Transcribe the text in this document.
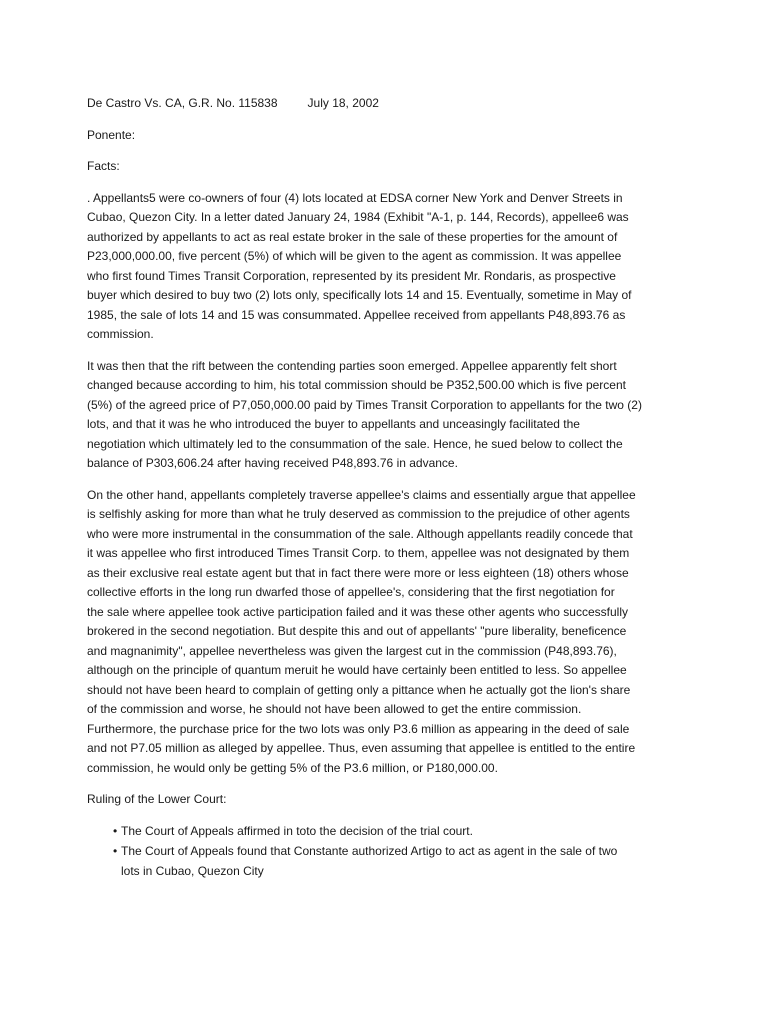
De Castro Vs. CA, G.R. No. 115838	July 18, 2002

Ponente:

Facts:

. Appellants5 were co-owners of four (4) lots located at EDSA corner New York and Denver Streets in

Cubao, Quezon City. In a letter dated January 24, 1984 (Exhibit "A-1, p. 144, Records), appellee6 was

authorized by appellants to act as real estate broker in the sale of these properties for the amount of

P23,000,000.00, five percent (5%) of which will be given to the agent as commission. It was appellee

who first found Times Transit Corporation, represented by its president Mr. Rondaris, as prospective

buyer which desired to buy two (2) lots only, specifically lots 14 and 15. Eventually, sometime in May of

1985, the sale of lots 14 and 15 was consummated. Appellee received from appellants P48,893.76 as

commission.

It was then that the rift between the contending parties soon emerged. Appellee apparently felt short

changed because according to him, his total commission should be P352,500.00 which is five percent

(5%) of the agreed price of P7,050,000.00 paid by Times Transit Corporation to appellants for the two (2)

lots, and that it was he who introduced the buyer to appellants and unceasingly facilitated the

negotiation which ultimately led to the consummation of the sale. Hence, he sued below to collect the

balance of P303,606.24 after having received P48,893.76 in advance.

On the other hand, appellants completely traverse appellee's claims and essentially argue that appellee

is selfishly asking for more than what he truly deserved as commission to the prejudice of other agents

who were more instrumental in the consummation of the sale. Although appellants readily concede that

it was appellee who first introduced Times Transit Corp. to them, appellee was not designated by them

as their exclusive real estate agent but that in fact there were more or less eighteen (18) others whose

collective efforts in the long run dwarfed those of appellee's, considering that the first negotiation for

the sale where appellee took active participation failed and it was these other agents who successfully

brokered in the second negotiation. But despite this and out of appellants' "pure liberality, beneficence

and magnanimity", appellee nevertheless was given the largest cut in the commission (P48,893.76),

although on the principle of quantum meruit he would have certainly been entitled to less. So appellee

should not have been heard to complain of getting only a pittance when he actually got the lion's share

of the commission and worse, he should not have been allowed to get the entire commission.

Furthermore, the purchase price for the two lots was only P3.6 million as appearing in the deed of sale

and not P7.05 million as alleged by appellee. Thus, even assuming that appellee is entitled to the entire

commission, he would only be getting 5% of the P3.6 million, or P180,000.00.

Ruling of the Lower Court:

• The Court of Appeals affirmed in toto the decision of the trial court.

• The Court of Appeals found that Constante authorized Artigo to act as agent in the sale of two

lots in Cubao, Quezon City
